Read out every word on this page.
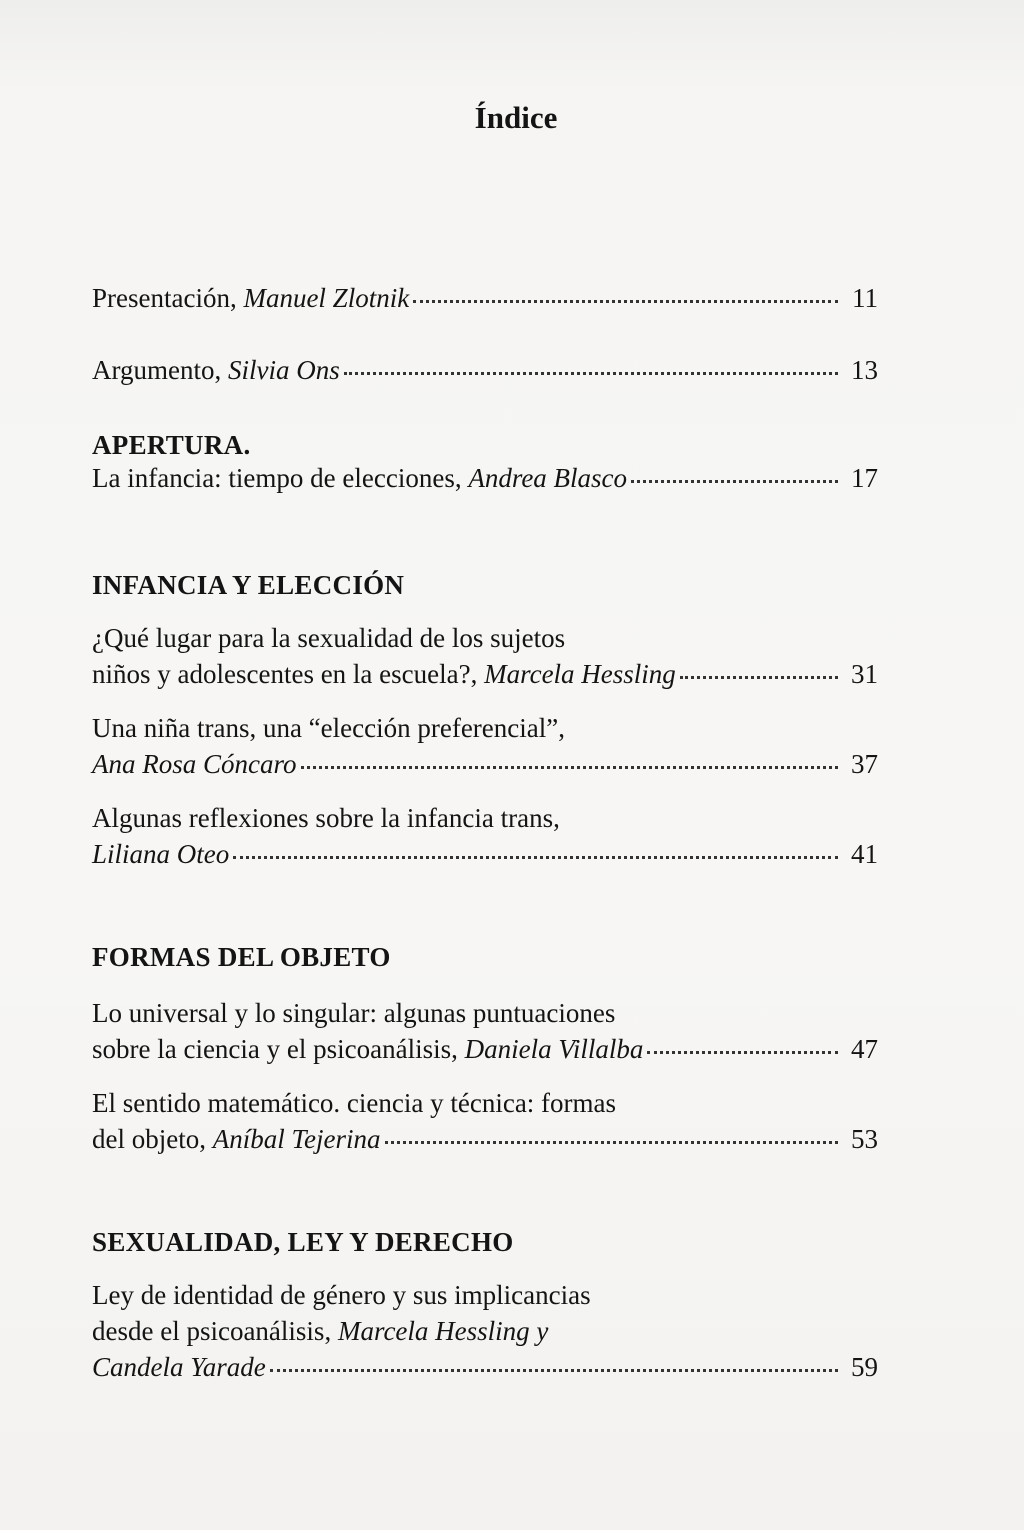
Índice
Presentación,
Manuel Zlotnik	11
Argumento,
Silvia Ons	13
APERTURA.
La infancia: tiempo de elecciones,
Andrea Blasco	17
INFANCIA Y ELECCIÓN
¿Qué lugar para la sexualidad de los sujetos
niños y adolescentes en la escuela?,
Marcela Hessling	31
Una niña trans, una “elección preferencial”,
Ana Rosa Cóncaro	37
Algunas reflexiones sobre la infancia trans,
Liliana Oteo	41
FORMAS DEL OBJETO
Lo universal y lo singular: algunas puntuaciones
sobre la ciencia y el psicoanálisis,
Daniela Villalba	47
El sentido matemático. ciencia y técnica: formas
del objeto,
Aníbal Tejerina	53
SEXUALIDAD, LEY Y DERECHO
Ley de identidad de género y sus implicancias
desde el psicoanálisis,
Marcela Hessling y
Candela Yarade	59
